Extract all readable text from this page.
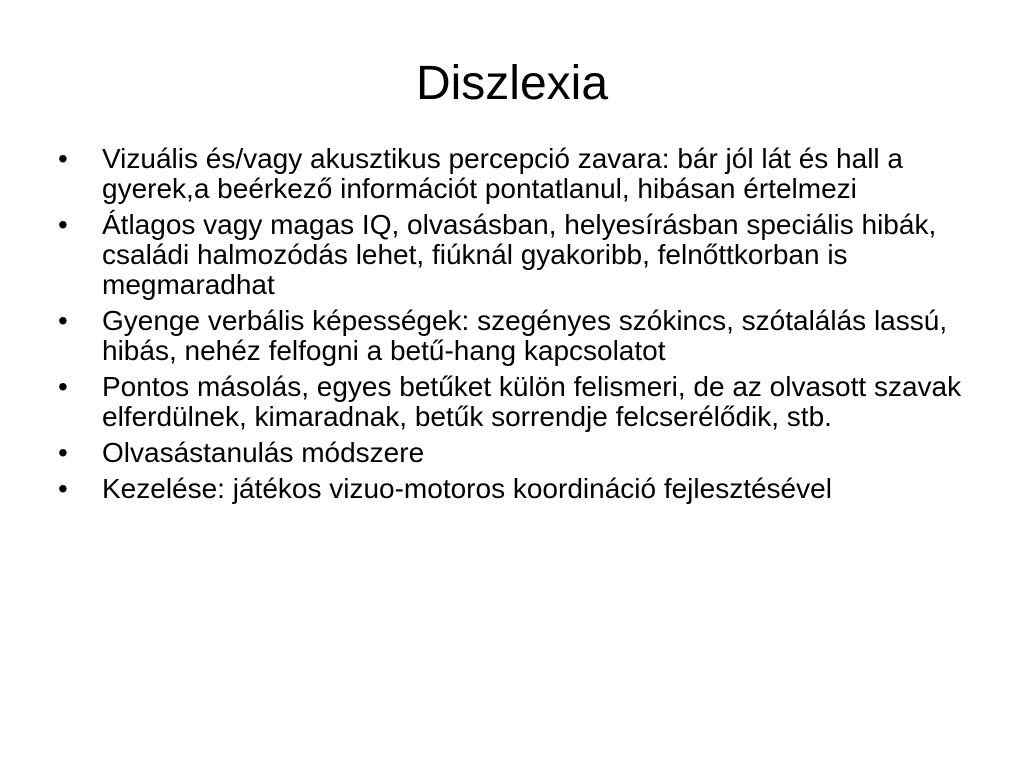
Diszlexia
•	Vizuális és/vagy akusztikus percepció zavara: bár jól lát és hall a gyerek,a beérkező információt pontatlanul, hibásan értelmezi
•	Átlagos vagy magas IQ, olvasásban, helyesírásban speciális hibák, családi halmozódás lehet, fiúknál gyakoribb, felnőttkorban is megmaradhat
•	Gyenge verbális képességek: szegényes szókincs, szótalálás lassú, hibás, nehéz felfogni a betű-hang kapcsolatot
•	Pontos másolás, egyes betűket külön felismeri, de az olvasott szavak elferdülnek, kimaradnak, betűk sorrendje felcserélődik, stb.
•	Olvasástanulás módszere
•	Kezelése: játékos vizuo-motoros koordináció fejlesztésével
